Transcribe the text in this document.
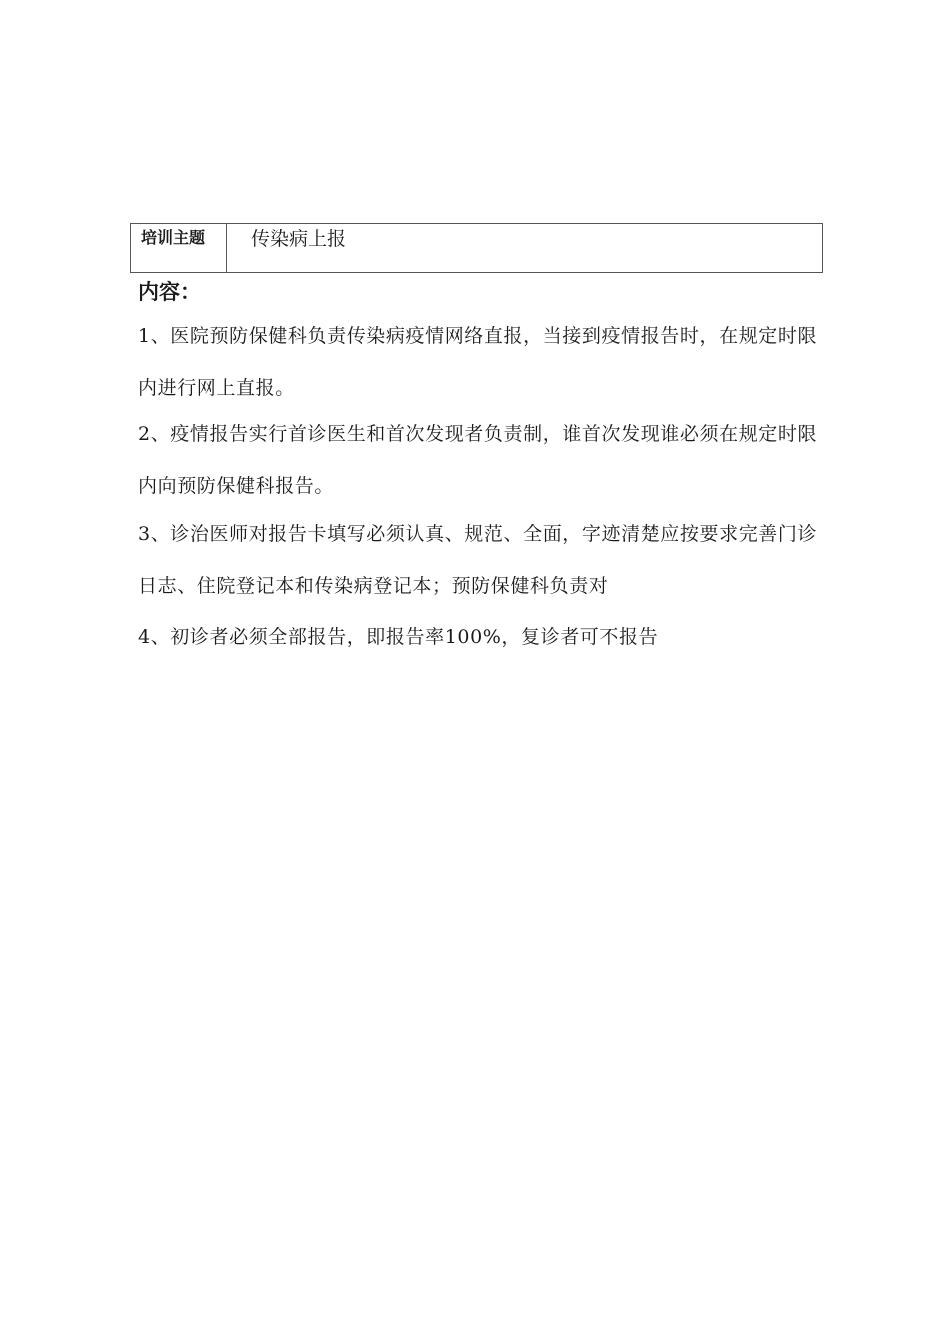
培训主题	传染病上报
内容：

1、医院预防保健科负责传染病疫情网络直报，当接到疫情报告时，在规定时限内进行网上直报。

2、疫情报告实行首诊医生和首次发现者负责制，谁首次发现谁必须在规定时限内向预防保健科报告。

3、诊治医师对报告卡填写必须认真、规范、全面，字迹清楚应按要求完善门诊日志、住院登记本和传染病登记本；预防保健科负责对

4、初诊者必须全部报告，即报告率100%，复诊者可不报告
